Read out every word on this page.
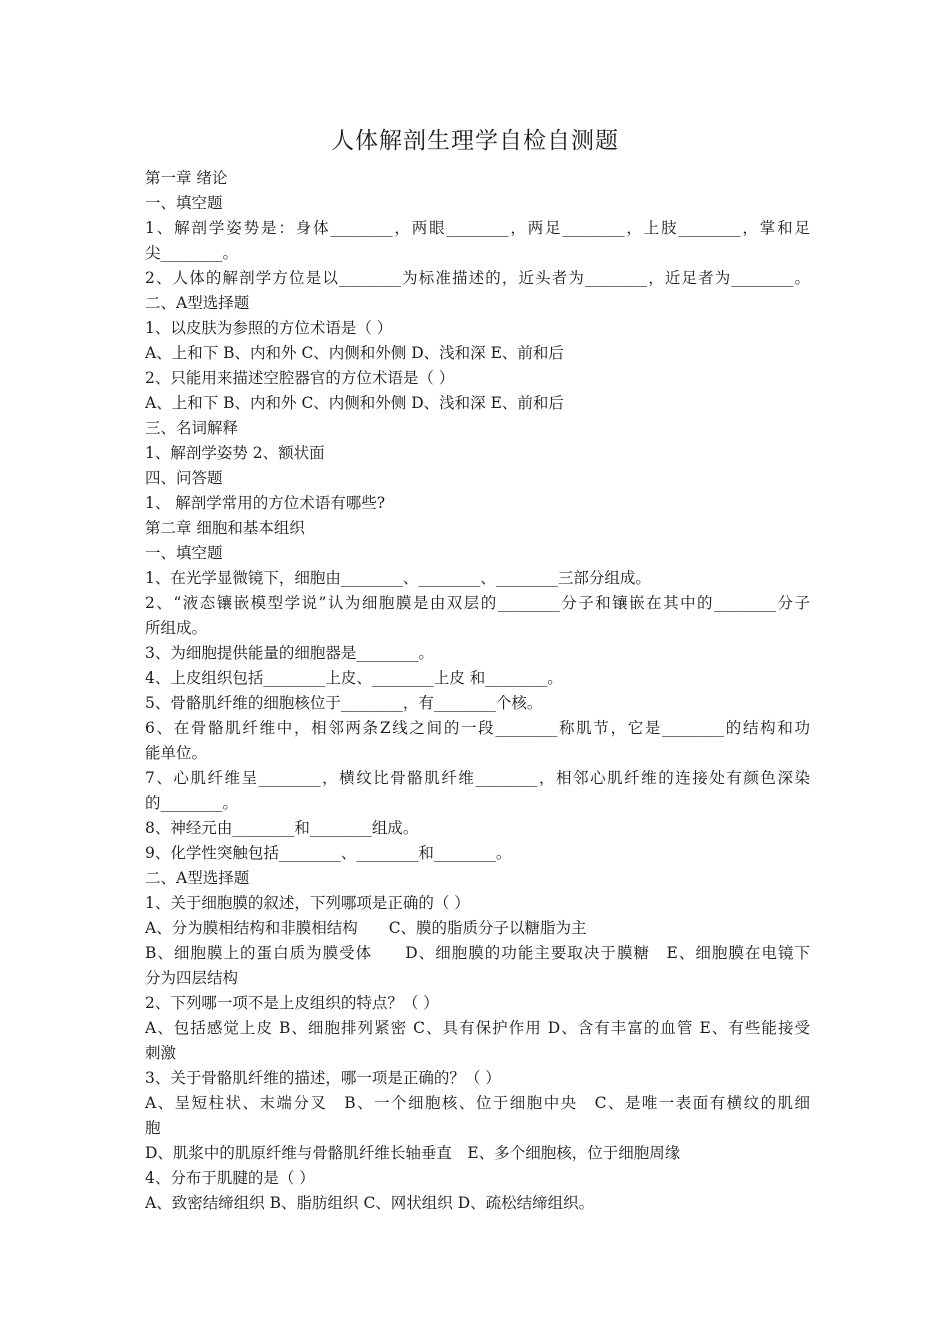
人体解剖生理学自检自测题
第一章 绪论
一、填空题
1、解剖学姿势是：身体________，两眼________，两足________，上肢________，掌和足
尖________。
2、人体的解剖学方位是以________为标准描述的，近头者为________，近足者为________。
二、A型选择题
1、以皮肤为参照的方位术语是（ ）
A、上和下 B、内和外 C、内侧和外侧 D、浅和深 E、前和后
2、只能用来描述空腔器官的方位术语是（ ）
A、上和下 B、内和外 C、内侧和外侧 D、浅和深 E、前和后
三、名词解释
1、解剖学姿势 2、额状面
四、问答题
1、 解剖学常用的方位术语有哪些?
第二章 细胞和基本组织
一、填空题
1、在光学显微镜下，细胞由________、________、________三部分组成。
2、“液态镶嵌模型学说”认为细胞膜是由双层的________分子和镶嵌在其中的________分子
所组成。
3、为细胞提供能量的细胞器是________。
4、上皮组织包括________上皮、________上皮 和________。
5、骨骼肌纤维的细胞核位于________，有________个核。
6、在骨骼肌纤维中，相邻两条Z线之间的一段________称肌节，它是________的结构和功
能单位。
7、心肌纤维呈________，横纹比骨骼肌纤维________，相邻心肌纤维的连接处有颜色深染
的________。
8、神经元由________和________组成。
9、化学性突触包括________、________和________。
二、A型选择题
1、关于细胞膜的叙述，下列哪项是正确的（ ）
A、分为膜相结构和非膜相结构　　C、膜的脂质分子以糖脂为主
B、细胞膜上的蛋白质为膜受体　　D、细胞膜的功能主要取决于膜糖　E、细胞膜在电镜下
分为四层结构
2、下列哪一项不是上皮组织的特点？（ ）
A、包括感觉上皮 B、细胞排列紧密 C、具有保护作用 D、含有丰富的血管 E、有些能接受
刺激
3、关于骨骼肌纤维的描述，哪一项是正确的？（ ）
A、呈短柱状、末端分叉　B、一个细胞核、位于细胞中央　C、是唯一表面有横纹的肌细
胞
D、肌浆中的肌原纤维与骨骼肌纤维长轴垂直　E、多个细胞核，位于细胞周缘
4、分布于肌腱的是（ ）
A、致密结缔组织 B、脂肪组织 C、网状组织 D、疏松结缔组织。
